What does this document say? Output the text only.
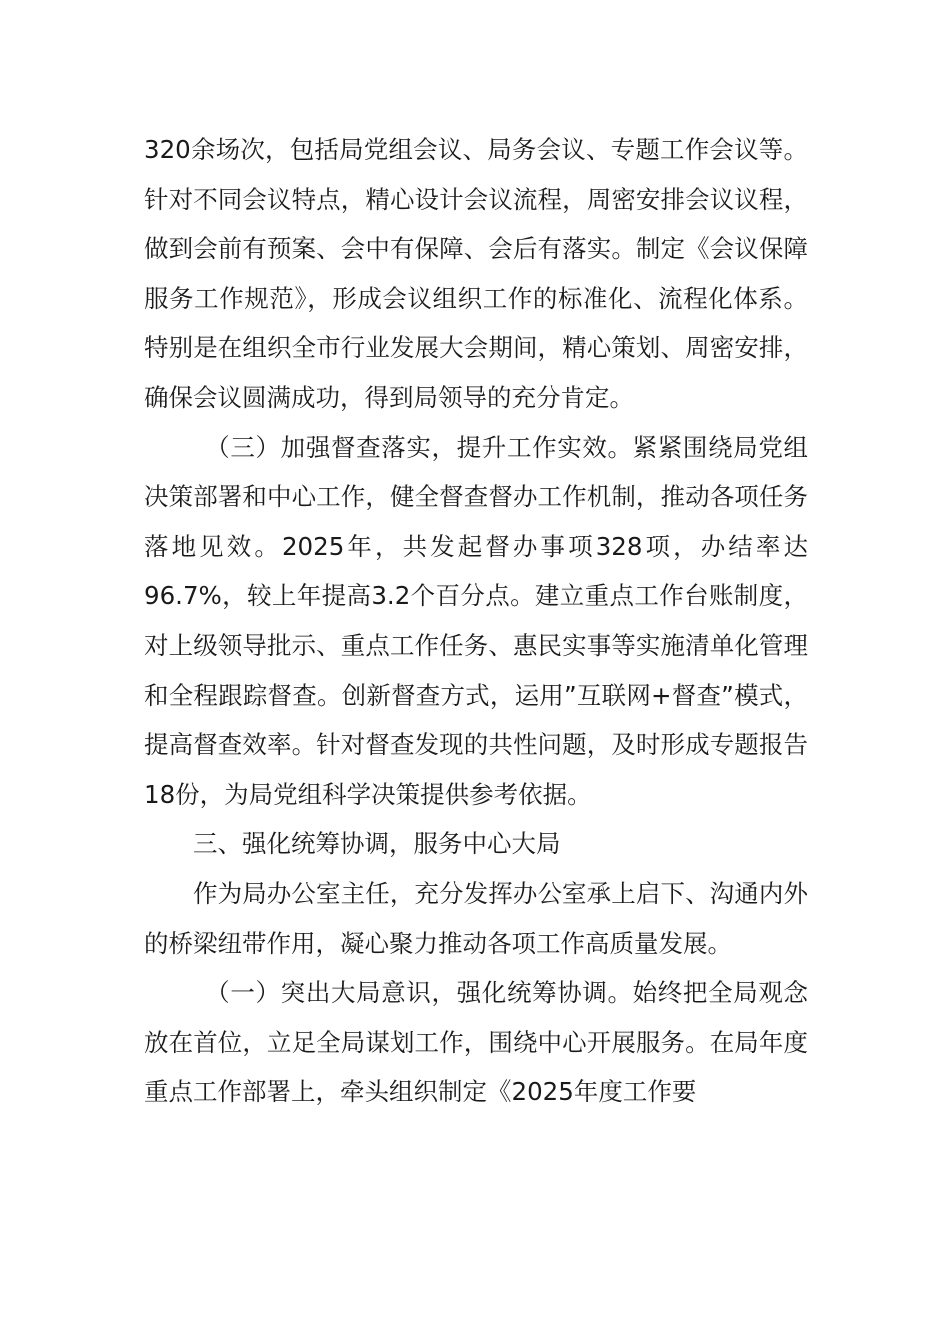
320余场次，包括局党组会议、局务会议、专题工作会议等。针对不同会议特点，精心设计会议流程，周密安排会议议程，做到会前有预案、会中有保障、会后有落实。制定《会议保障服务工作规范》，形成会议组织工作的标准化、流程化体系。特别是在组织全市行业发展大会期间，精心策划、周密安排，确保会议圆满成功，得到局领导的充分肯定。

（三）加强督查落实，提升工作实效。紧紧围绕局党组决策部署和中心工作，健全督查督办工作机制，推动各项任务落地见效。2025年，共发起督办事项328项，办结率达96.7%，较上年提高3.2个百分点。建立重点工作台账制度，对上级领导批示、重点工作任务、惠民实事等实施清单化管理和全程跟踪督查。创新督查方式，运用”互联网+督查”模式，提高督查效率。针对督查发现的共性问题，及时形成专题报告18份，为局党组科学决策提供参考依据。

三、强化统筹协调，服务中心大局

作为局办公室主任，充分发挥办公室承上启下、沟通内外的桥梁纽带作用，凝心聚力推动各项工作高质量发展。

（一）突出大局意识，强化统筹协调。始终把全局观念放在首位，立足全局谋划工作，围绕中心开展服务。在局年度重点工作部署上，牵头组织制定《2025年度工作要
